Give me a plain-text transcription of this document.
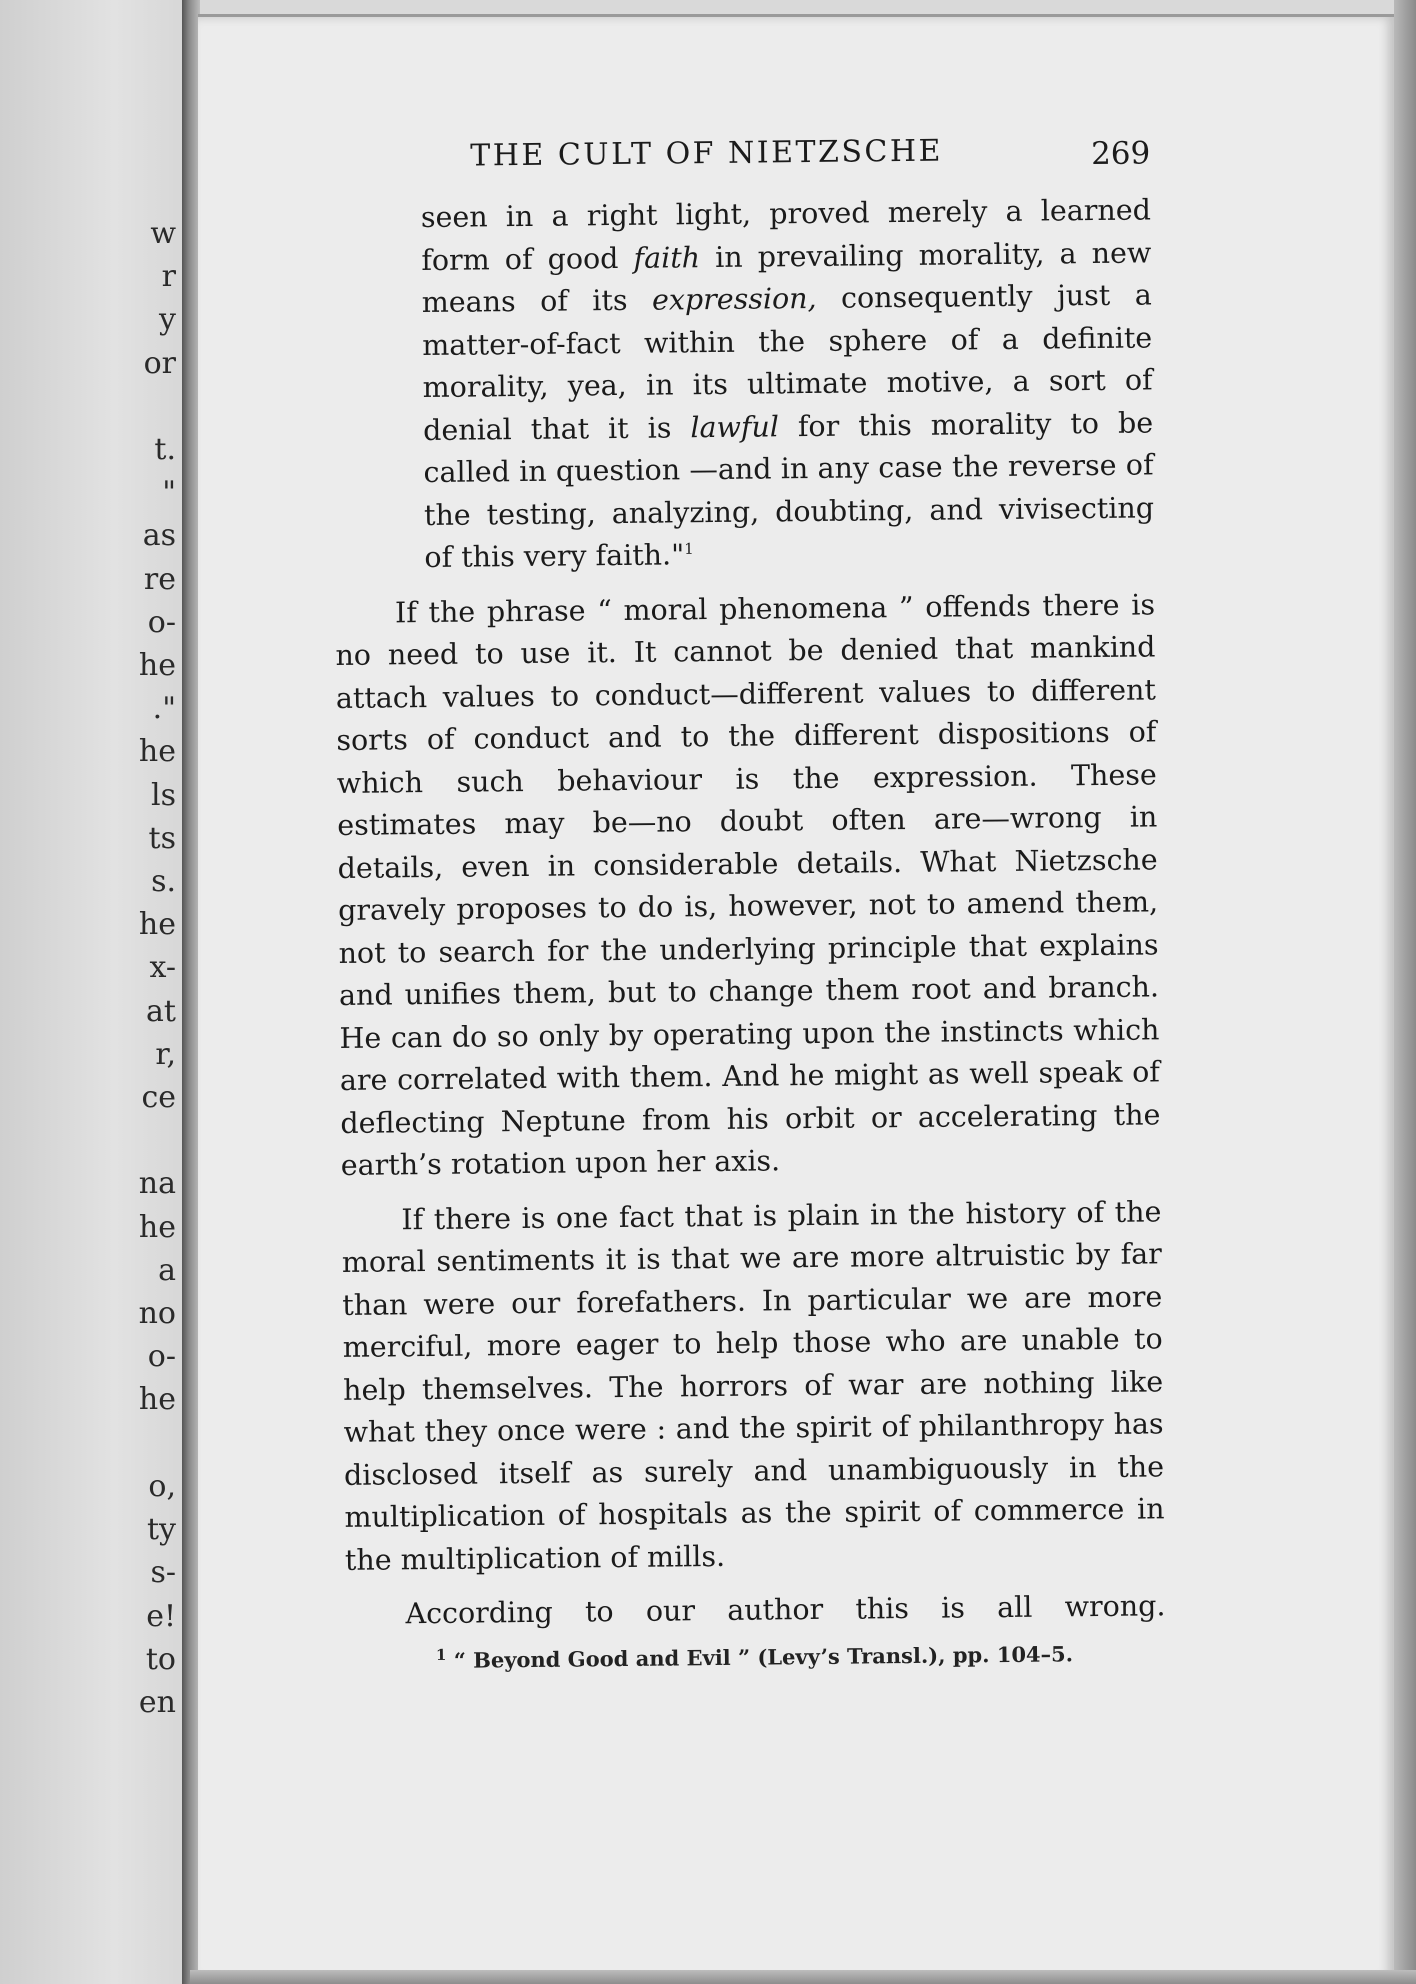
w
r
y
or

t.
"
as
re
o-
he
."
he
ls
ts
s.
he
x-
at
r,
ce

na
he
a
no
o-
he

o,
ty
s-
e!
to
en
THE CULT OF NIETZSCHE	269

seen in a right light, proved merely a learned form of good faith in prevailing morality, a new means of its expression, consequently just a matter-of-fact within the sphere of a definite morality, yea, in its ultimate motive, a sort of denial that it is lawful for this morality to be called in question —and in any case the reverse of the testing, analyzing, doubting, and vivisecting of this very faith."$^1$

If the phrase “ moral phenomena ” offends there is no need to use it. It cannot be denied that mankind attach values to conduct—different values to different sorts of conduct and to the different dispositions of which such behaviour is the expression. These estimates may be—no doubt often are—wrong in details, even in considerable details. What Nietzsche gravely proposes to do is, however, not to amend them, not to search for the underlying principle that explains and unifies them, but to change them root and branch. He can do so only by operating upon the instincts which are correlated with them. And he might as well speak of deflecting Neptune from his orbit or accelerating the earth’s rotation upon her axis.

If there is one fact that is plain in the history of the moral sentiments it is that we are more altruistic by far than were our forefathers. In particular we are more merciful, more eager to help those who are unable to help themselves. The horrors of war are nothing like what they once were : and the spirit of philanthropy has disclosed itself as surely and unambiguously in the multiplication of hospitals as the spirit of commerce in the multiplication of mills.

According to our author this is all wrong.

$^1$ “ Beyond Good and Evil ” (Levy’s Transl.), pp. 104–5.
